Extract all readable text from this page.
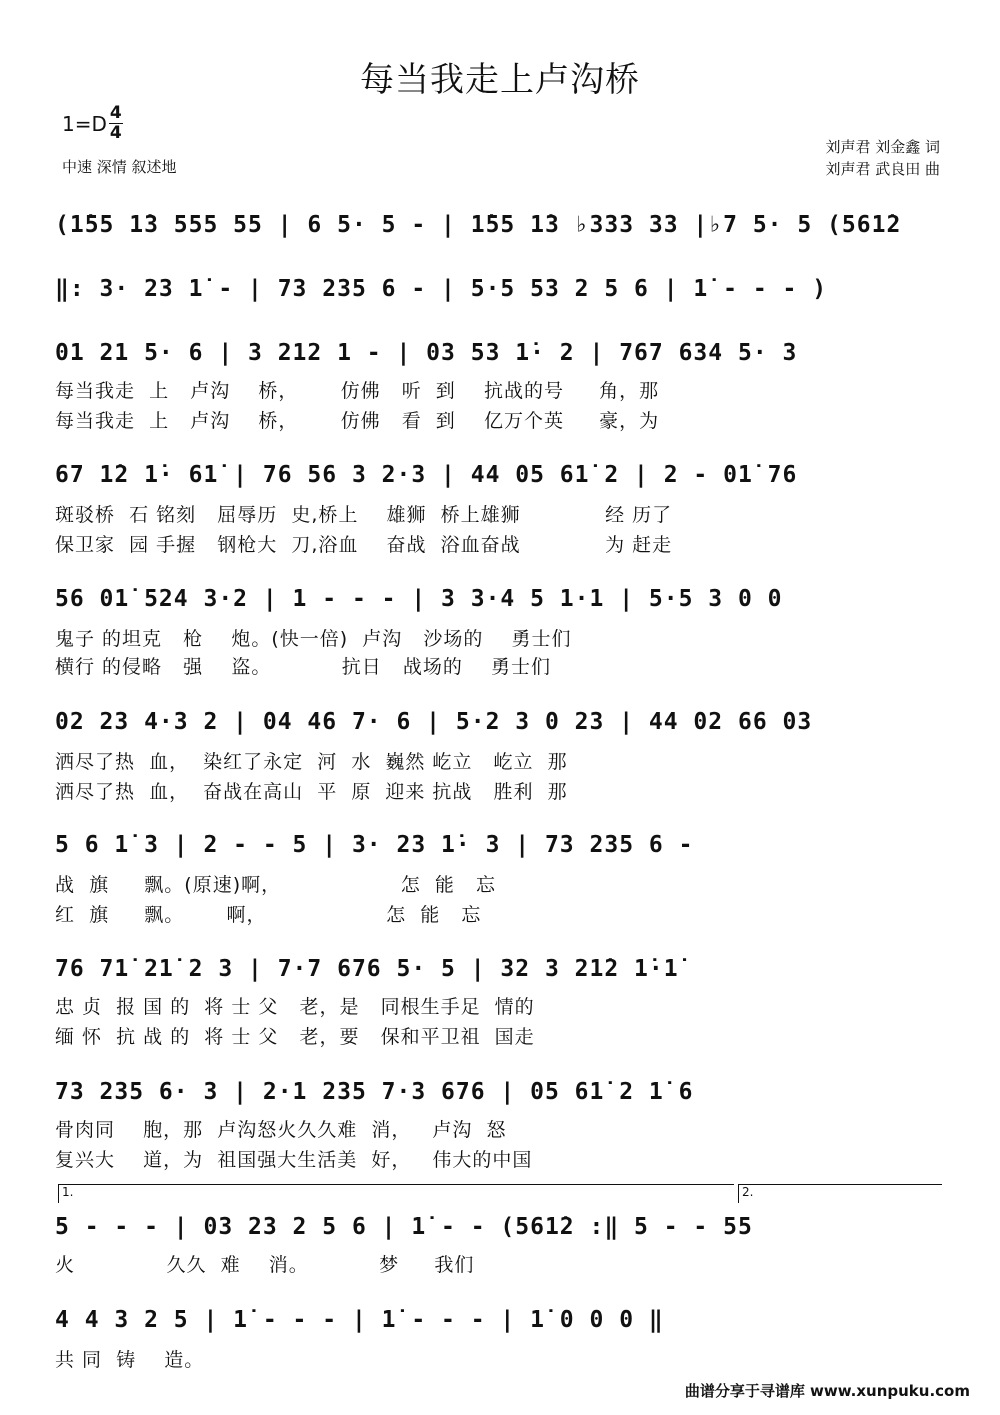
每当我走上卢沟桥
$1=D \frac{4}{4}$
中速 深情 叙述地
刘声君 刘金鑫 词
刘声君 武良田 曲
(1̇55 1̇3 555 55 | 6 5· 5 - | 1̇55 1̇3 ♭333 33 |♭7 5· 5 (561̇2
‖: 3· 23 1̇ - | 73 235 6 - | 5·5 53 2 5 6 | 1̇ - - - )
01 21 5· 6 | 3 212 1 - | 03 53 1̇· 2 | 767 634 5· 3
每当我走  上   卢沟    桥，      仿佛   听  到    抗战的号     角，那
每当我走  上   卢沟    桥，      仿佛   看  到    亿万个英     豪，为
67 1̇2 1̇· 61̇ | 76 56 3 2·3 | 44 05 61̇ 2 | 2 - 01̇ 76
斑驳桥  石 铭刻   屈辱历  史,桥上    雄狮  桥上雄狮            经 历了
保卫家  园 手握   钢枪大  刀,浴血    奋战  浴血奋战            为 赶走
56 01̇ 524 3·2 | 1 - - - | 3 3·4 5 1·1 | 5·5 3 0 0
鬼子 的坦克   枪    炮。(快一倍)  卢沟   沙场的    勇士们
横行 的侵略   强    盗。          抗日   战场的    勇士们
02 23 4·3 2 | 04 46 7· 6 | 5·2 3 0 23 | 44 02 66 03
洒尽了热  血，  染红了永定  河  水  巍然 屹立   屹立  那
洒尽了热  血，  奋战在高山  平  原  迎来 抗战   胜利  那
5 6 1̇ 3 | 2 - - 5 | 3· 23 1̇· 3 | 73 235 6 -
战  旗     飘。(原速)啊，                 怎  能   忘
红  旗     飘。      啊，                 怎  能   忘
76 71̇ 21̇ 2 3 | 7·7 676 5· 5 | 32 3 21̇2 1̇·1̇
忠 贞  报 国 的  将 士 父   老，是   同根生手足  情的
缅 怀  抗 战 的  将 士 父   老，要   保和平卫祖  国走
73 235 6· 3 | 2·1 235 7·3 676 | 05 61̇ 2 1̇ 6
骨肉同    胞，那  卢沟怒火久久难  消，   卢沟  怒
复兴大    道，为  祖国强大生活美  好，   伟大的中国
1.	2.
5 - - - | 03 23 2 5 6 | 1̇ - - (561̇2 :‖ 5 - - 55
火             久久  难    消。          梦     我们
4 4 3 2 5 | 1̇ - - - | 1̇ - - - | 1̇ 0 0 0 ‖
共 同  铸    造。
曲谱分享于寻谱库 www.xunpuku.com
